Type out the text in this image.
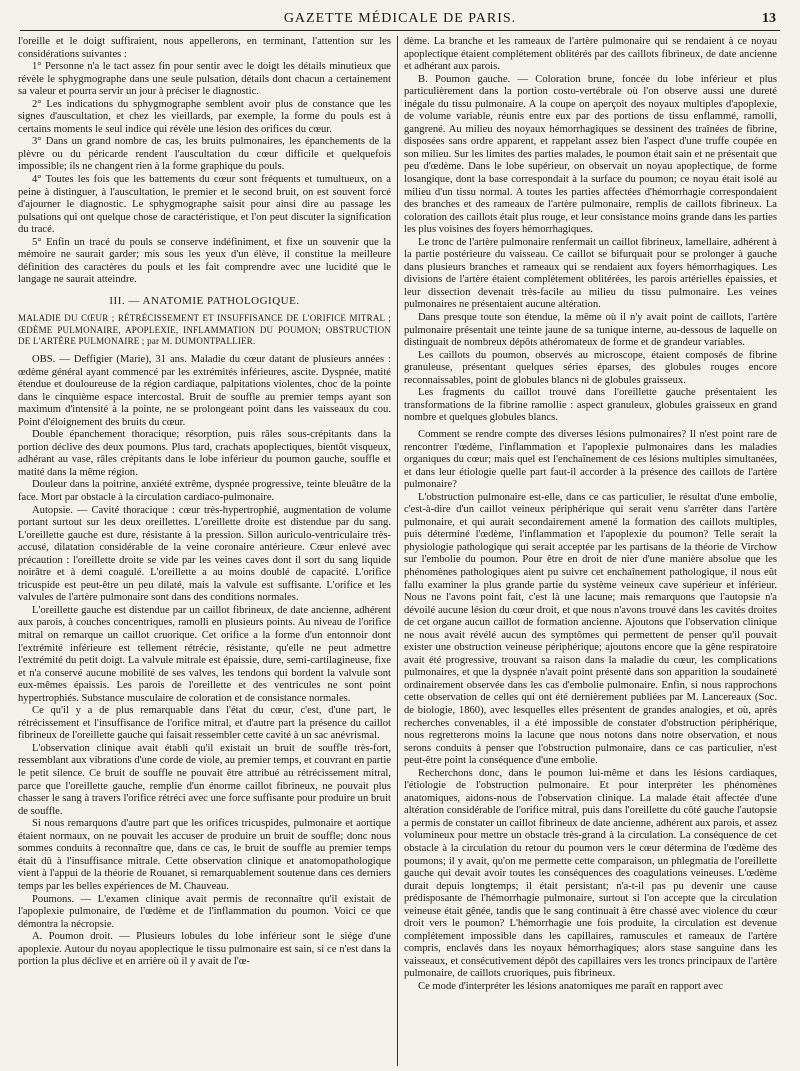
GAZETTE MÉDICALE DE PARIS.	13

l'oreille et le doigt suffiraient, nous appellerons, en terminant, l'attention sur les considérations suivantes :

1° Personne n'a le tact assez fin pour sentir avec le doigt les détails minutieux que révèle le sphygmographe dans une seule pulsation, détails dont chacun a certainement sa valeur et pourra servir un jour à préciser le diagnostic.

2° Les indications du sphygmographe semblent avoir plus de constance que les signes d'auscultation, et chez les vieillards, par exemple, la forme du pouls est à certains moments le seul indice qui révèle une lésion des orifices du cœur.

3° Dans un grand nombre de cas, les bruits pulmonaires, les épanchements de la plèvre ou du péricarde rendent l'auscultation du cœur difficile et quelquefois impossible; ils ne changent rien à la forme graphique du pouls.

4° Toutes les fois que les battements du cœur sont fréquents et tumultueux, on a peine à distinguer, à l'auscultation, le premier et le second bruit, on est souvent forcé d'ajourner le diagnostic. Le sphygmographe saisit pour ainsi dire au passage les pulsations qui ont quelque chose de caractéristique, et l'on peut discuter la signification du tracé.

5° Enfin un tracé du pouls se conserve indéfiniment, et fixe un souvenir que la mémoire ne saurait garder; mis sous les yeux d'un élève, il constitue la meilleure définition des caractères du pouls et les fait comprendre avec une lucidité que le langage ne saurait atteindre.

III. — ANATOMIE PATHOLOGIQUE.

MALADIE DU CŒUR ; RÉTRÉCISSEMENT ET INSUFFISANCE DE L'ORIFICE MITRAL ; ŒDÈME PULMONAIRE, APOPLEXIE, INFLAMMATION DU POUMON; OBSTRUCTION DE L'ARTÈRE PULMONAIRE ; par M. DUMONTPALLIER.

OBS. — Deffigier (Marie), 31 ans. Maladie du cœur datant de plusieurs années : œdème général ayant commencé par les extrémités inférieures, ascite. Dyspnée, matité étendue et douloureuse de la région cardiaque, palpitations violentes, choc de la pointe dans le cinquième espace intercostal. Bruit de souffle au premier temps ayant son maximum d'intensité à la pointe, ne se prolongeant point dans les vaisseaux du cou. Point d'éloignement des bruits du cœur.

Double épanchement thoracique; résorption, puis râles sous-crépitants dans la portion déclive des deux poumons. Plus tard, crachats apoplectiques, bientôt visqueux, adhérant au vase, râles crépitants dans le lobe inférieur du poumon gauche, souffle et matité dans la même région.

Douleur dans la poitrine, anxiété extrême, dyspnée progressive, teinte bleuâtre de la face. Mort par obstacle à la circulation cardiaco-pulmonaire.

Autopsie. — Cavité thoracique : cœur très-hypertrophié, augmentation de volume portant surtout sur les deux oreillettes. L'oreillette droite est distendue par du sang. L'oreillette gauche est dure, résistante à la pression. Sillon auriculo-ventriculaire très-accusé, dilatation considérable de la veine coronaire antérieure. Cœur enlevé avec précaution : l'oreillette droite se vide par les veines caves dont il sort du sang liquide noirâtre et à demi coagulé. L'oreillette a au moins doublé de capacité. L'orifice tricuspide est peut-être un peu dilaté, mais la valvule est suffisante. L'orifice et les valvules de l'artère pulmonaire sont dans des conditions normales.

L'oreillette gauche est distendue par un caillot fibrineux, de date ancienne, adhérent aux parois, à couches concentriques, ramolli en plusieurs points. Au niveau de l'orifice mitral on remarque un caillot cruorique. Cet orifice a la forme d'un entonnoir dont l'extrémité inférieure est tellement rétrécie, résistante, qu'elle ne peut admettre l'extrémité du petit doigt. La valvule mitrale est épaissie, dure, semi-cartilagineuse, fixe et n'a conservé aucune mobilité de ses valves, les tendons qui bordent la valvule sont eux-mêmes épaissis. Les parois de l'oreillette et des ventricules ne sont point hypertrophiés. Substance musculaire de coloration et de consistance normales.

Ce qu'il y a de plus remarquable dans l'état du cœur, c'est, d'une part, le rétrécissement et l'insuffisance de l'orifice mitral, et d'autre part la présence du caillot fibrineux de l'oreillette gauche qui faisait ressembler cette cavité à un sac anévrismal.

L'observation clinique avait établi qu'il existait un bruit de souffle très-fort, ressemblant aux vibrations d'une corde de viole, au premier temps, et couvrant en partie le petit silence. Ce bruit de souffle ne pouvait être attribué au rétrécissement mitral, parce que l'oreillette gauche, remplie d'un énorme caillot fibrineux, ne pouvait plus chasser le sang à travers l'orifice rétréci avec une force suffisante pour produire un bruit de souffle.

Si nous remarquons d'autre part que les orifices tricuspides, pulmonaire et aortique étaient normaux, on ne pouvait les accuser de produire un bruit de souffle; donc nous sommes conduits à reconnaître que, dans ce cas, le bruit de souffle au premier temps était dû à l'insuffisance mitrale. Cette observation clinique et anatomopathologique vient à l'appui de la théorie de Rouanet, si remarquablement soutenue dans ces derniers temps par les belles expériences de M. Chauveau.

Poumons. — L'examen clinique avait permis de reconnaître qu'il existait de l'apoplexie pulmonaire, de l'œdème et de l'inflammation du poumon. Voici ce que démontra la nécropsie.

A. Poumon droit. — Plusieurs lobules du lobe inférieur sont le siége d'une apoplexie. Autour du noyau apoplectique le tissu pulmonaire est sain, si ce n'est dans la portion la plus déclive et en arrière où il y avait de l'œ-

dème. La branche et les rameaux de l'artère pulmonaire qui se rendaient à ce noyau apoplectique étaient complétement oblitérés par des caillots fibrineux, de date ancienne et adhérant aux parois.

B. Poumon gauche. — Coloration brune, foncée du lobe inférieur et plus particulièrement dans la portion costo-vertébrale où l'on observe aussi une dureté inégale du tissu pulmonaire. A la coupe on aperçoit des noyaux multiples d'apoplexie, de volume variable, réunis entre eux par des portions de tissu enflammé, ramolli, gangrené. Au milieu des noyaux hémorrhagiques se dessinent des traînées de fibrine, disposées sans ordre apparent, et rappelant assez bien l'aspect d'une truffe coupée en son milieu. Sur les limites des parties malades, le poumon était sain et ne présentait que peu d'œdème. Dans le lobe supérieur, on observait un noyau apoplectique, de forme losangique, dont la base correspondait à la surface du poumon; ce noyau était isolé au milieu d'un tissu normal. A toutes les parties affectées d'hémorrhagie correspondaient des branches et des rameaux de l'artère pulmonaire, remplis de caillots fibrineux. La coloration des caillots était plus rouge, et leur consistance moins grande dans les parties les plus voisines des foyers hémorrhagiques.

Le tronc de l'artère pulmonaire renfermait un caillot fibrineux, lamellaire, adhérent à la partie postérieure du vaisseau. Ce caillot se bifurquait pour se prolonger à gauche dans plusieurs branches et rameaux qui se rendaient aux foyers hémorrhagiques. Les divisions de l'artère étaient complétement oblitérées, les parois artérielles épaissies, et leur dissection devenait très-facile au milieu du tissu pulmonaire. Les veines pulmonaires ne présentaient aucune altération.

Dans presque toute son étendue, la même où il n'y avait point de caillots, l'artère pulmonaire présentait une teinte jaune de sa tunique interne, au-dessous de laquelle on distinguait de nombreux dépôts athéromateux de forme et de grandeur variables.

Les caillots du poumon, observés au microscope, étaient composés de fibrine granuleuse, présentant quelques séries éparses, des globules rouges encore reconnaissables, point de globules blancs ni de globules graisseux.

Les fragments du caillot trouvé dans l'oreillette gauche présentaient les transformations de la fibrine ramollie : aspect granuleux, globules graisseux en grand nombre et quelques globules blancs.

Comment se rendre compte des diverses lésions pulmonaires? Il n'est point rare de rencontrer l'œdème, l'inflammation et l'apoplexie pulmonaires dans les maladies organiques du cœur; mais quel est l'enchaînement de ces lésions multiples simultanées, et dans leur étiologie quelle part faut-il accorder à la présence des caillots de l'artère pulmonaire?

L'obstruction pulmonaire est-elle, dans ce cas particulier, le résultat d'une embolie, c'est-à-dire d'un caillot veineux périphérique qui serait venu s'arrêter dans l'artère pulmonaire, et qui aurait secondairement amené la formation des caillots multiples, puis déterminé l'œdème, l'inflammation et l'apoplexie du poumon? Telle serait la physiologie pathologique qui serait acceptée par les partisans de la théorie de Virchow sur l'embolie du poumon. Pour être en droit de nier d'une manière absolue que les phénomènes pathologiques aient pu suivre cet enchaînement pathologique, il nous eût fallu examiner la plus grande partie du système veineux cave supérieur et inférieur. Nous ne l'avons point fait, c'est là une lacune; mais remarquons que l'autopsie n'a dévoilé aucune lésion du cœur droit, et que nous n'avons trouvé dans les cavités droites de cet organe aucun caillot de formation ancienne. Ajoutons que l'observation clinique ne nous avait révélé aucun des symptômes qui permettent de penser qu'il pouvait exister une obstruction veineuse périphérique; ajoutons encore que la gêne respiratoire avait été progressive, trouvant sa raison dans la maladie du cœur, les complications pulmonaires, et que la dyspnée n'avait point présenté dans son apparition la soudaineté ordinairement observée dans les cas d'embolie pulmonaire. Enfin, si nous rapprochons cette observation de celles qui ont été dernièrement publiées par M. Lancereaux (Soc. de biologie, 1860), avec lesquelles elles présentent de grandes analogies, et où, après recherches convenables, il a été impossible de constater d'obstruction périphérique, nous regretterons moins la lacune que nous notons dans notre observation, et nous serons conduits à penser que l'obstruction pulmonaire, dans ce cas particulier, n'est peut-être point la conséquence d'une embolie.

Recherchons donc, dans le poumon lui-même et dans les lésions cardiaques, l'étiologie de l'obstruction pulmonaire. Et pour interpréter les phénomènes anatomiques, aidons-nous de l'observation clinique. La malade était affectée d'une altération considérable de l'orifice mitral, puis dans l'oreillette du côté gauche l'autopsie a permis de constater un caillot fibrineux de date ancienne, adhérent aux parois, et assez volumineux pour mettre un obstacle très-grand à la circulation. La conséquence de cet obstacle à la circulation du retour du poumon vers le cœur détermina de l'œdème des poumons; il y avait, qu'on me permette cette comparaison, un phlegmatia de l'oreillette gauche qui devait avoir toutes les conséquences des coagulations veineuses. L'œdème durait depuis longtemps; il était persistant; n'a-t-il pas pu devenir une cause prédisposante de l'hémorrhagie pulmonaire, surtout si l'on accepte que la circulation veineuse était gênée, tandis que le sang continuait à être chassé avec violence du cœur droit vers le poumon? L'hémorrhagie une fois produite, la circulation est devenue complétement impossible dans les capillaires, ramuscules et rameaux de l'artère compris, enclavés dans les noyaux hémorrhagiques; alors stase sanguine dans les vaisseaux, et consécutivement dépôt des capillaires vers les troncs principaux de l'artère pulmonaire, de caillots cruoriques, puis fibrineux.

Ce mode d'interpréter les lésions anatomiques me paraît en rapport avec
